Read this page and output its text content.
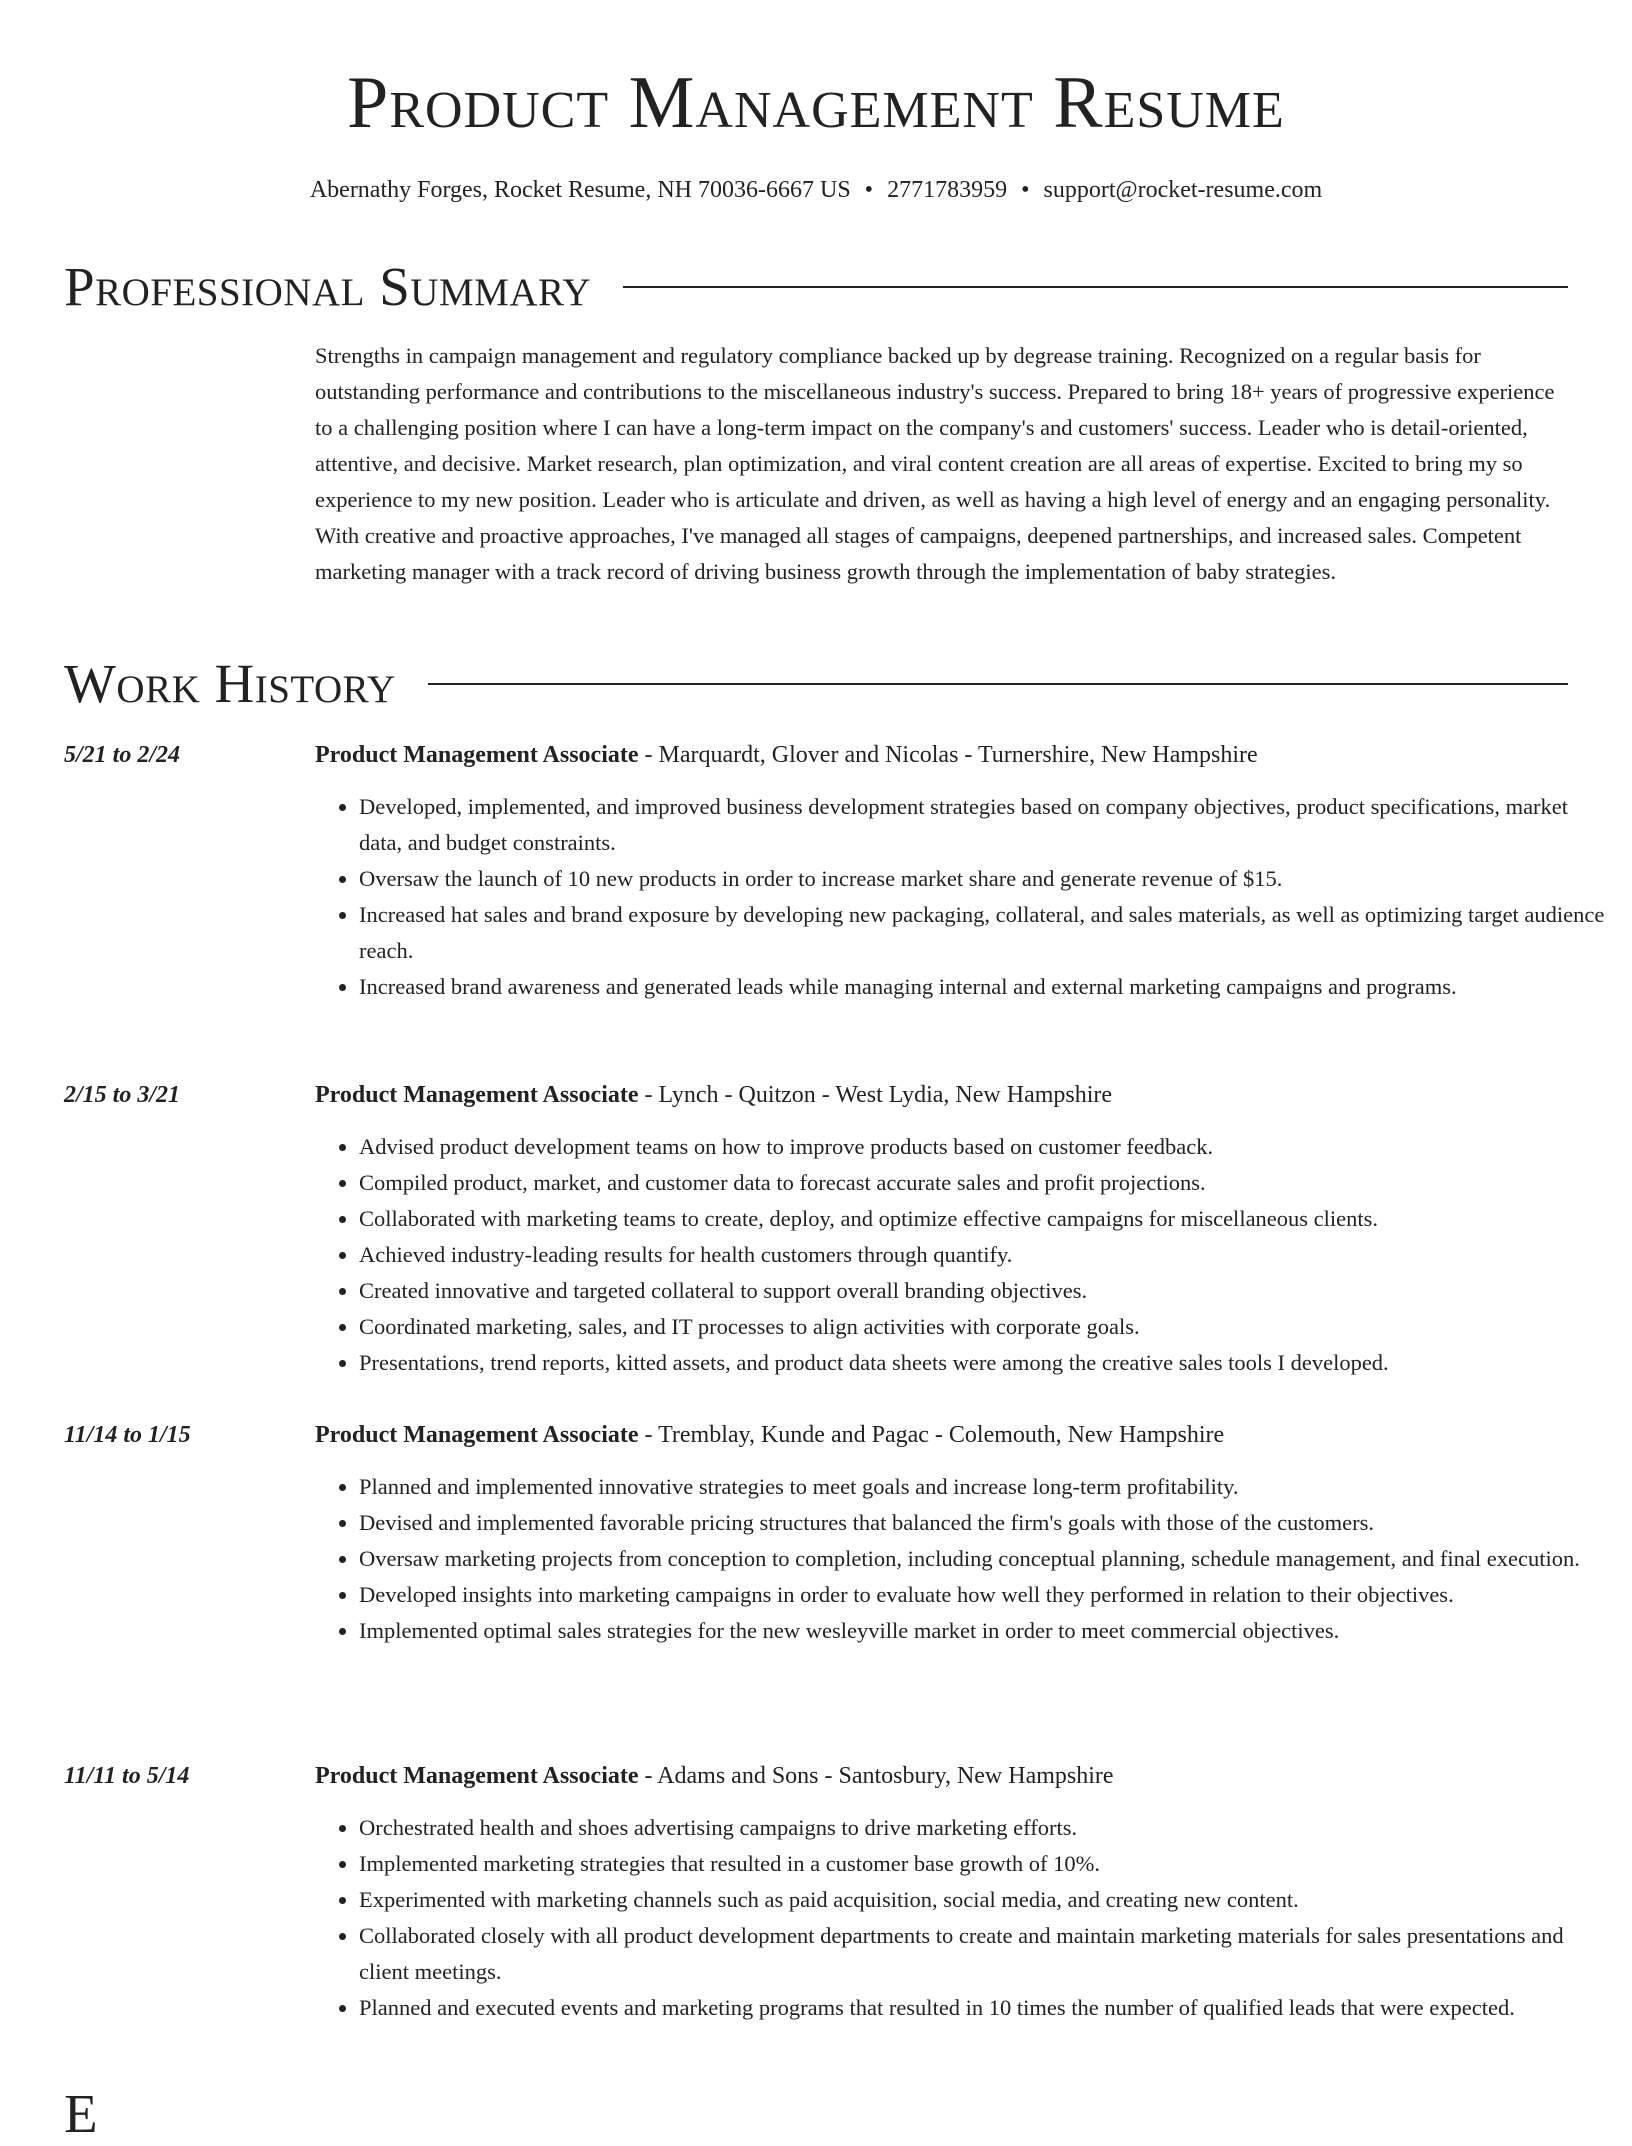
Product Management Resume
Abernathy Forges, Rocket Resume, NH 70036-6667 US • 2771783959 • support@rocket-resume.com
Professional Summary

Strengths in campaign management and regulatory compliance backed up by degrease training. Recognized on a regular basis for outstanding performance and contributions to the miscellaneous industry's success. Prepared to bring 18+ years of progressive experience to a challenging position where I can have a long-term impact on the company's and customers' success. Leader who is detail-oriented, attentive, and decisive. Market research, plan optimization, and viral content creation are all areas of expertise. Excited to bring my so experience to my new position. Leader who is articulate and driven, as well as having a high level of energy and an engaging personality. With creative and proactive approaches, I've managed all stages of campaigns, deepened partnerships, and increased sales. Competent marketing manager with a track record of driving business growth through the implementation of baby strategies.

Work History
5/21 to 2/24	Product Management Associate - Marquardt, Glover and Nicolas - Turnershire, New Hampshire
• Developed, implemented, and improved business development strategies based on company objectives, product specifications, market data, and budget constraints.
• Oversaw the launch of 10 new products in order to increase market share and generate revenue of $15.
• Increased hat sales and brand exposure by developing new packaging, collateral, and sales materials, as well as optimizing target audience reach.
• Increased brand awareness and generated leads while managing internal and external marketing campaigns and programs.
2/15 to 3/21	Product Management Associate - Lynch - Quitzon - West Lydia, New Hampshire
• Advised product development teams on how to improve products based on customer feedback.
• Compiled product, market, and customer data to forecast accurate sales and profit projections.
• Collaborated with marketing teams to create, deploy, and optimize effective campaigns for miscellaneous clients.
• Achieved industry-leading results for health customers through quantify.
• Created innovative and targeted collateral to support overall branding objectives.
• Coordinated marketing, sales, and IT processes to align activities with corporate goals.
• Presentations, trend reports, kitted assets, and product data sheets were among the creative sales tools I developed.
11/14 to 1/15	Product Management Associate - Tremblay, Kunde and Pagac - Colemouth, New Hampshire
• Planned and implemented innovative strategies to meet goals and increase long-term profitability.
• Devised and implemented favorable pricing structures that balanced the firm's goals with those of the customers.
• Oversaw marketing projects from conception to completion, including conceptual planning, schedule management, and final execution.
• Developed insights into marketing campaigns in order to evaluate how well they performed in relation to their objectives.
• Implemented optimal sales strategies for the new wesleyville market in order to meet commercial objectives.
11/11 to 5/14	Product Management Associate - Adams and Sons - Santosbury, New Hampshire
• Orchestrated health and shoes advertising campaigns to drive marketing efforts.
• Implemented marketing strategies that resulted in a customer base growth of 10%.
• Experimented with marketing channels such as paid acquisition, social media, and creating new content.
• Collaborated closely with all product development departments to create and maintain marketing materials for sales presentations and client meetings.
• Planned and executed events and marketing programs that resulted in 10 times the number of qualified leads that were expected.
E
